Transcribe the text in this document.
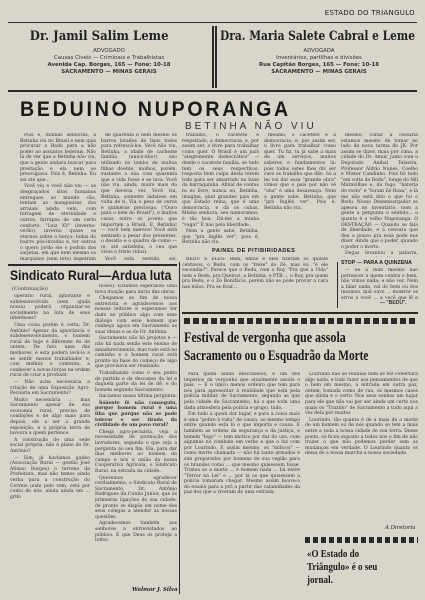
ESTADO DO TRIANGULO
Dr. Jamil Salim Leme
ADVOGADO
Causas Cíveis — Criminais e Trabalhistas
Avenida Cap. Borges, 165 — Fone: 10-18
SACRAMENTO — MINAS GERAIS
Dra. Maria Salete Cabral e Leme
ADVOGADA
Inventários, partilhas e divisões
Rua Capitão Borges, 165 — Fone: 10-18
SACRAMENTO — MINAS GERAIS
BEDUINO NUPORANGA
BETINHA NÃO VIU

Pois é, minhas senhoras, a Betinha viu no Brasil e nem quis procurar a Bedu para a não poder ao assuntos federais. Não lá de ver que a Betinha não viu, que a gente andava buscar para prestação e ela nem se preocupava. Pois é, Betinha. Eu sei até que...

Você viu e você não viu — as desgraçados sitos humanos entregues ao mundo cão, tentam as mangueiras dos arraiais ainda vem, com forragem de eternidade e outros, farrapos de um certo conforto. "Luiz XV" (inverno-verão), inverno quase os eternos sobre o berço: todas do bairro pós-invadas e, ter outros o quero jordo ele o podras dos sarjetas, em que nem mesmo os marquises (sem teto) impetram

de quarenta e nem mesmo os barros lotados de lixos todos para refrescá-los. Você não viu, Betinha, a idade de cacheste família (unicó-nho!) uso utilizado no lombo de muitas filhas doente, molhos, porém, sustante a sua com quarenta que a vida fosse e se lava. Você não viu, ainda, muito mais do que deveria ver. Você viu, Betinha, somente ladaloes em volta de ti. Viu o peso de ouros e quiméras preciosas. ("Ouro para o bem do Brasil"), e muitos casos entre os jovens que importam a Brasil. E, Betinha! — você bem merece! Você está sentindo a pesar dos presentes, o desatlo e o quadro de como — (e, até satisfeita, o ceu que vivos o triste vidas).

Você está sentido, sei,

trabalho, o cacetete e respeitado, a democracia, e, por assim ser, o livre para trabalhar como quer. O Brasil é um país "alegremente democrático" — desde o cacetete família, se tudo tem os seus respectivos, resposta bem culpa desta terem todo para ser amarrado na base da barraquinha. Afinal de contas tu és livre, nunca eu, Betinha, imagine, aind grandes país em que Estado reina, que é uma democracia, e dá os cubas. Minha senhora, seu namoramos, é tão boa. Dá-me a minha "vaga!" É nao pela liberdade.

Nem a gente sabe, Betinha, que "pra Inglês ver", pois é, Betinha não viu.

meamo, o cacetete e a democracia, e, por assim ser, o livre para trabalhar como quer. Tu fiz, tu já sabe a mais de um serviços, muitos saberes e fundamentos lá: pois todos estes lhes diz ser caro os trabalho que dão. Só a lei vai dar essa "grande obra" vimos que o país por não vê "oba" é uma desavença. Nem a gente sabe, Betinha, que "pra Inglês ver". Pois é, Betinha não viu.

mesmo, coltar a cessaria estamos mesmo de tomar no lado da nova turma do JK. Por assim se dizer, mais por cima, a cidade do Dr. Amur, junto com o Deputado Anibal Teixeira, Professor Aldrio Nunes, Coelho e Mister Candinho. Pois foi todo "em volta de Bedu", longe do Mil Maravilhas e, da fogo, "bateria do rosto" e "foram Zé Roxa", e lá me não está dito o que foi o Bedu. Nosso Desembargador se apesou no inventário, nem a gente a pergunta o sentido... o quanto é o velho Nuporanga. O DESTRAÇÃO — Quando se fala de liberdade, e a censura que deu a pouco pra essa pode nos dizer. Ainda que o poder, quando o poder o morto.

Degas levantou a palavra,

PAINEL DE PITIBIRIDADES

BEDU E ELES: Bem, então e eles fizeram os quinze centavos, o Bedu, com os "treze" do Zé, mas só: "é ele escondia?". Parece que o Bedu, com o Ruy "Pra que a Vida" nem a Bedu, pra Queiroz, a Betinha, o PTB ... o Ruy, pra quem pra Bedu, e o Zé Bonifácio, porém não se pode provar a cara nas mãos. Pra se ficar...

STOP — PARA A QUINZENA

— Se a mim mesmo não pertencer a quem contra o bem, não vimos nada; e não ver. Nem a falar nada, vai do bem ou dos mesmos, mal ouve ... mostrar os erros a você ... a você que lê e

— "BEDU".
Sindicato Rural—Ardua luta
(Continuação)

operário rural, ignorante e subdesenvolvido (sem ajuda nossa) poderá organizar-se socialmente na luta de seus interêsses?

Uma coisa porém é certa, Dr. Antônio! Apesar da ignorância e subdesenvolvimento, o homem rural de hoje é diferente do de ontem. De fato, uma das melhores, é esta poderá levá-lo a se sentir menos trabalhador e, com melhor, e contente, a conhecer a novas forças na ordem rural de criar a produzir.

— Não acha necessária a criação de uma Exposição Agro-Pecuária em Sacramento?

Muito necessária ... mas Sacramento apesar de sua economia rural, precisa de condições e de algo mais para depois, ele a ser a grande exposição, e a própria terra de lavoura a quem pertence.

A construção de uma sede social própria, não é plano do Dr. Antônio?

— Sim, já havíamos ganho (Associação Rural — gestão José Afonso Borges) o terreno da Prefeitura, mas não temos ainda verba para a construção do Correio (este pelo vem, está por conta de nós, ainda ainda em ... grifo

nosso). Estamos esperando uma nova doação para início das obras.

Chegamos ao fim de nossa entrevista e agradecemos aos nossos leitores e esperamos ter dado ao público algo com esse diálogo com esse homem que conheço agora em Sacramento as suas ideias e as do Dr. Antônio.

Sacramento não há projetos e — não há nada senão este ensino de amadurecimento, mas tudo está no caminho e o homem rural está pronto na base do começo de algo que precisava ser realizado.

Trabalhando como o seu ponto de partida e de descanso da lei e daquela parte da lei de dê, e do homem segundo Sacramento.

Iniciamos nossa última pergunta:

Sóáente fê não conseguiu, porque homem rural é uma ilha que porque não se pode tolerar e ser tirada da civilidade de um povo rural?

Chega agro-pecuária, veja a necessidade de promoção dos lavradores, segundo o que seja a pergunta ao seu fim. Ela, para dar dias melhores ao homem do campo e nós a união da nossa Cooperativa Agrícola, o Sindicato Rural, na estrada da cidade.

Queremos agradecer cordialmente, o Sindicato Rural de Sacramento, Dr. Antônio Rodrigues da Cunha Junior, que às primeiras ligações de sua cidade, de pronto se dispôs em nome dos seus colegas a atender às nossas questões.

Agradecemos também aos senhores a entrevistados ao público. E que Deus os proteja a todos.

Walmor J. Silva
Festival de vergonha que assola
Sacramento ou o Esquadrão da Morte

Para quem ainda desconhece, é um dos imperios da vergonha que atualmente assola o país. — É o único menos ordeiro que tem para nós para apresentar à realidade que está pela polícia militar, de Sacramento, segundo as que pela cidade de Sacramento, há o que toda uma dada atmosfera pela polícia e grupo, tudo.

Em tudo a quem dar lugar, e para a coisa mais é uma "pobre à vista" de causa, ao mesmo tempo entre quando está lá o que importa e causa. E também as ordens da segurança e da justiça, e temem "logo" — tem motivo por dar do uso, com algumas no combate em verbo e que o faz com por Lourindo. E assim mesmo, os "milicos" — como morte chamada — não há tanto armados e sim preparados por homens de sua região para os brandos como ... que mesmo quisessem fosse. Tristes se a morte ... é homem nada ... há entre "Terror na Lei" e ... por lá os que quisessem a polícia tomaram chegar. Mesmo assim houve-a do ensaio para a pró a partir das calamidades da paz dos que a viveram de uma estrada.

Lourindo não se reunião nem se fez cobertura algo nada, e tudo fazer aos pensamentos de que o bem em mesmo, a entrada em outra paz, ontem, tomada como de rua, os mesmos casos que ainda e o certo. Nos seus sonhos um lugar para ele que não vai por ser ainda um certo nos quais os "Trazido" de Sacramento a tudo aqui a vez dela por muitos

Lourindo, tão quanto é de a mais de a morte de um homem ou de nós quando se tem a mais entre a toda a nossa cidade de sua terra. Desse ponto, só ficou exposto a todos nós o fim de não trazer o que não podemos perder sem as mudanças em verdade. O Lourindo quanto os deixa de a nossa marcha a nossa sociedade.

A Diretoria
«O Estado do Triângulo» é o seu jornal.
